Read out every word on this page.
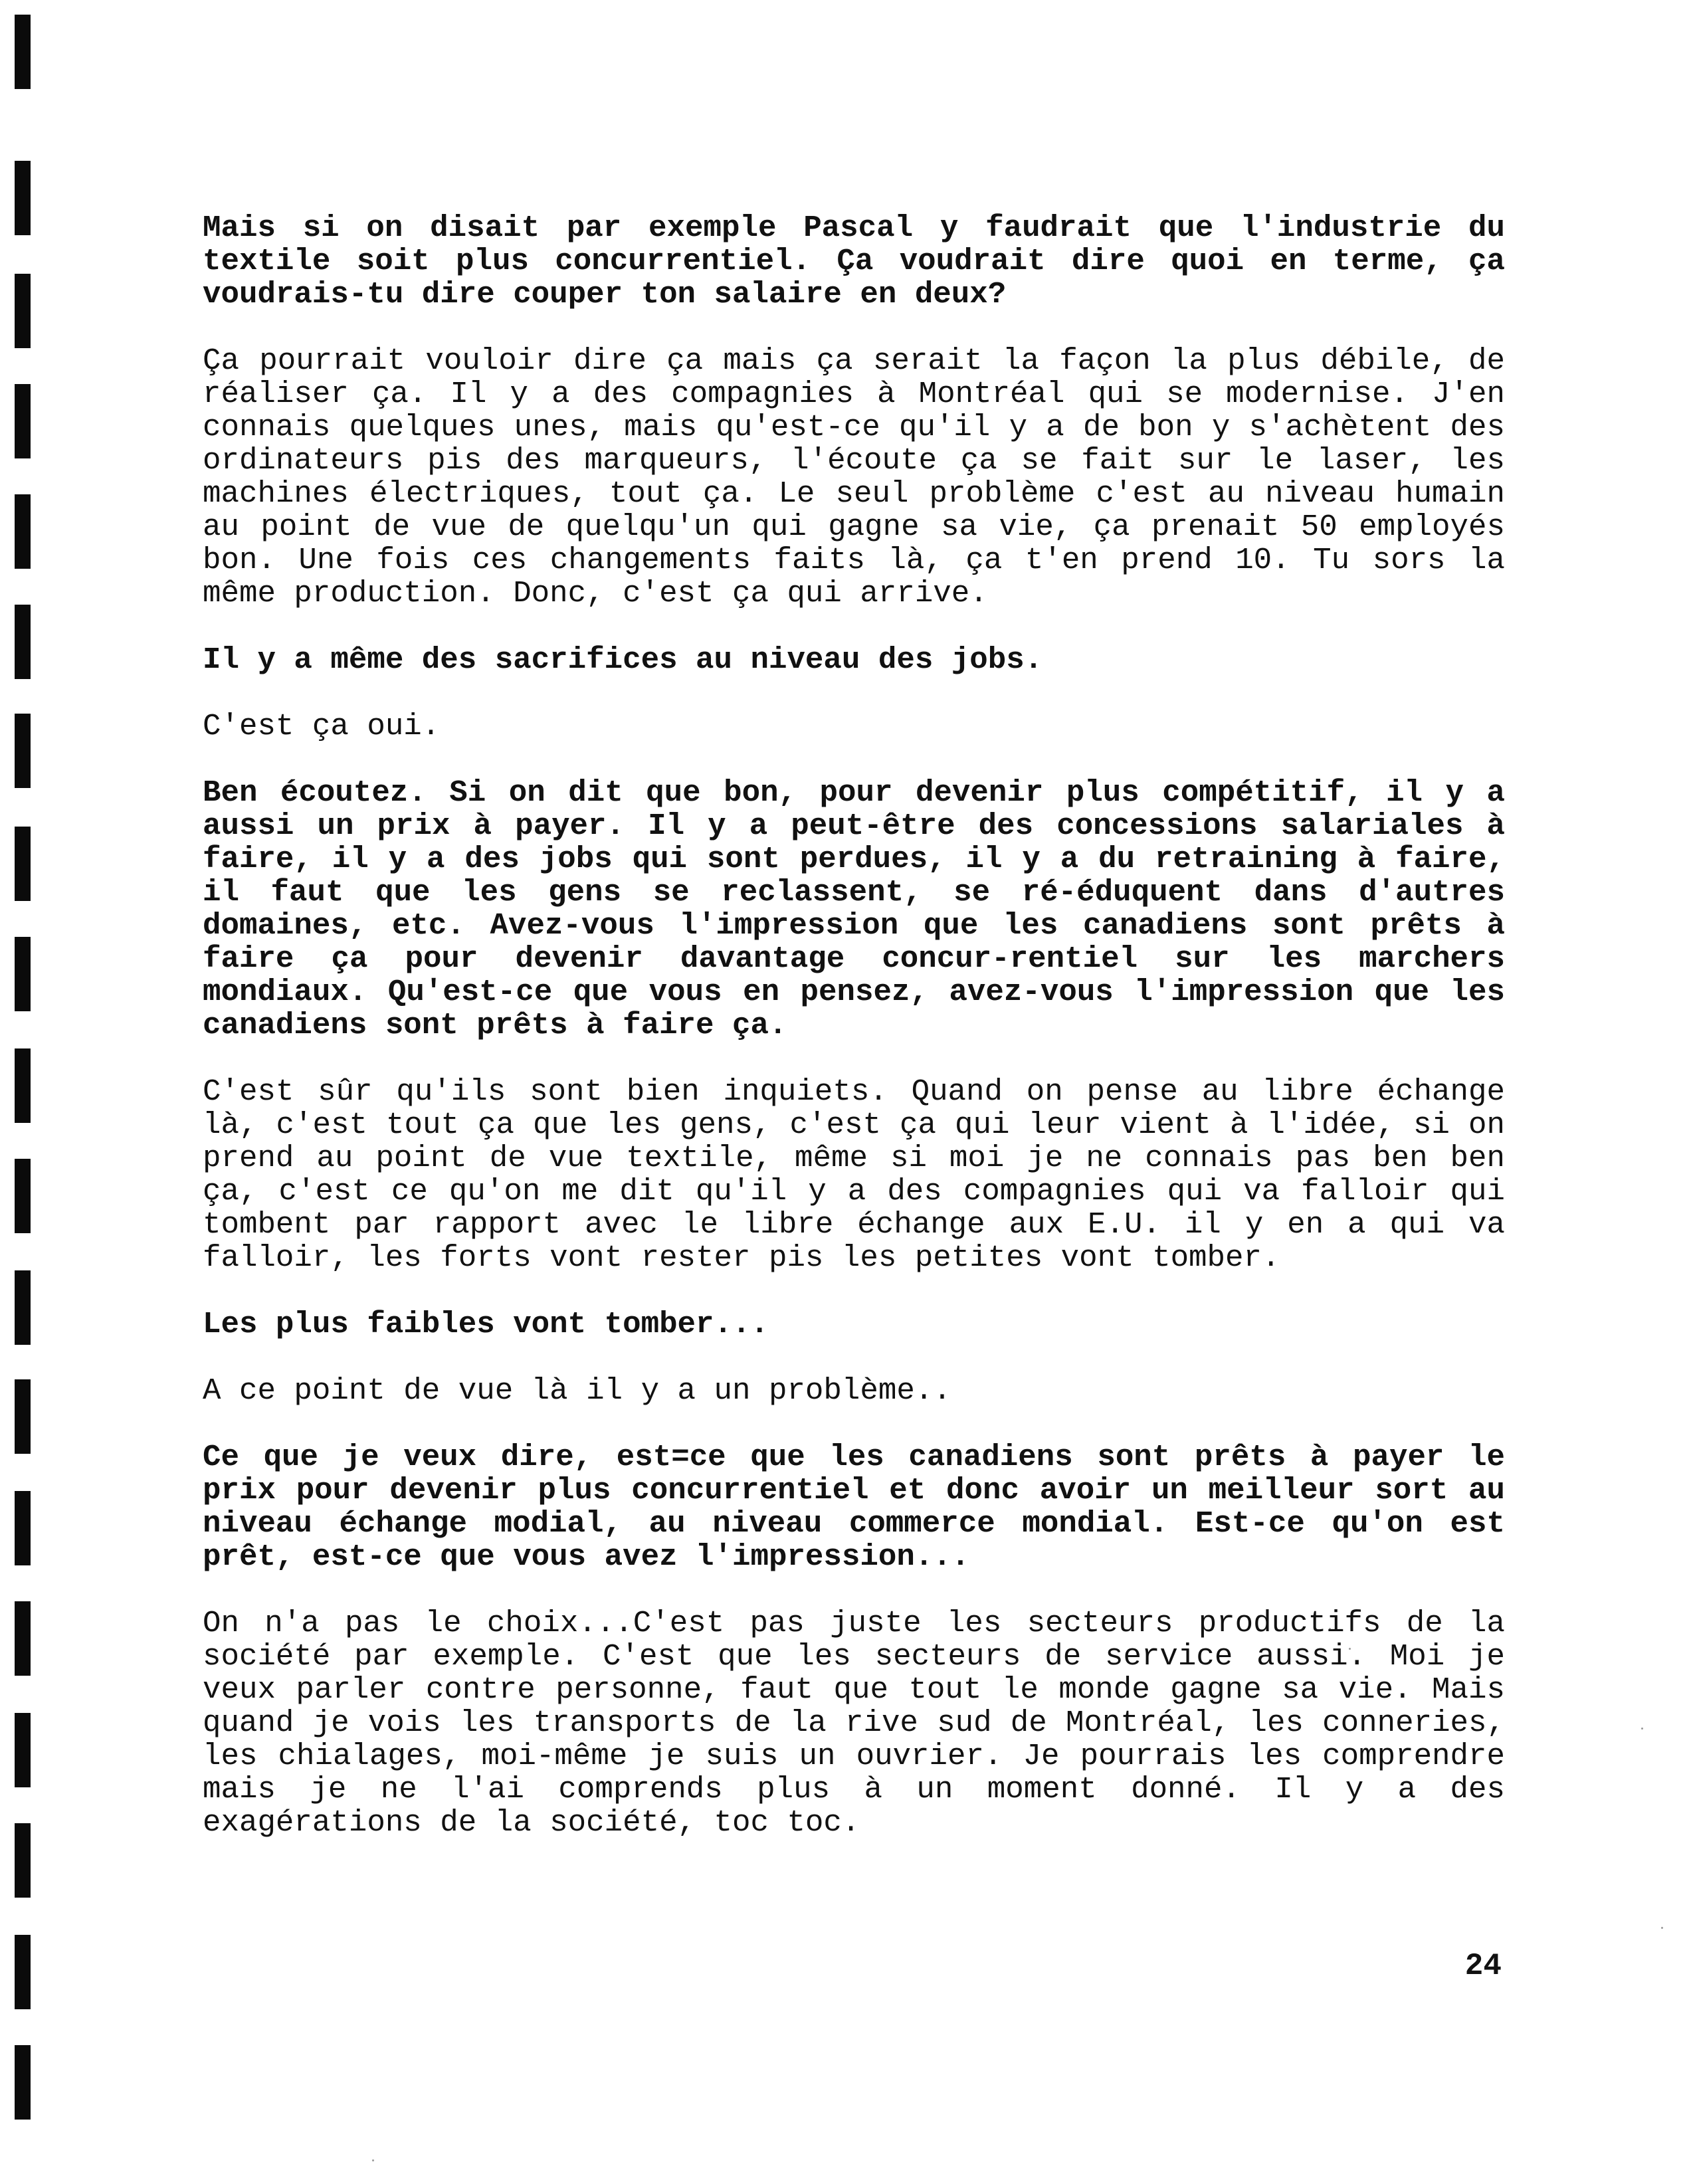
Mais si on disait par exemple Pascal y faudrait que l'industrie du textile soit plus concurrentiel. Ça voudrait dire quoi en terme, ça voudrais-tu dire couper ton salaire en deux?

Ça pourrait vouloir dire ça mais ça serait la façon la plus débile, de réaliser ça. Il y a des compagnies à Montréal qui se modernise. J'en connais quelques unes, mais qu'est-ce qu'il y a de bon y s'achètent des ordinateurs pis des marqueurs, l'écoute ça se fait sur le laser, les machines électriques, tout ça. Le seul problème c'est au niveau humain au point de vue de quelqu'un qui gagne sa vie, ça prenait 50 employés bon. Une fois ces changements faits là, ça t'en prend 10. Tu sors la même production. Donc, c'est ça qui arrive.

Il y a même des sacrifices au niveau des jobs.

C'est ça oui.

Ben écoutez. Si on dit que bon, pour devenir plus compétitif, il y a aussi un prix à payer. Il y a peut-être des concessions salariales à faire, il y a des jobs qui sont perdues, il y a du retraining à faire, il faut que les gens se reclassent, se ré-éduquent dans d'autres domaines, etc. Avez-vous l'impression que les canadiens sont prêts à faire ça pour devenir davantage concur-rentiel sur les marchers mondiaux. Qu'est-ce que vous en pensez, avez-vous l'impression que les canadiens sont prêts à faire ça.

C'est sûr qu'ils sont bien inquiets. Quand on pense au libre échange là, c'est tout ça que les gens, c'est ça qui leur vient à l'idée, si on prend au point de vue textile, même si moi je ne connais pas ben ben ça, c'est ce qu'on me dit qu'il y a des compagnies qui va falloir qui tombent par rapport avec le libre échange aux E.U. il y en a qui va falloir, les forts vont rester pis les petites vont tomber.

Les plus faibles vont tomber...

A ce point de vue là il y a un problème..

Ce que je veux dire, est=ce que les canadiens sont prêts à payer le prix pour devenir plus concurrentiel et donc avoir un meilleur sort au niveau échange modial, au niveau commerce mondial. Est-ce qu'on est prêt, est-ce que vous avez l'impression...

On n'a pas le choix...C'est pas juste les secteurs productifs de la société par exemple. C'est que les secteurs de service aussi. Moi je veux parler contre personne, faut que tout le monde gagne sa vie. Mais quand je vois les transports de la rive sud de Montréal, les conneries, les chialages, moi-même je suis un ouvrier. Je pourrais les comprendre mais je ne l'ai comprends plus à un moment donné. Il y a des exagérations de la société, toc toc.

24
